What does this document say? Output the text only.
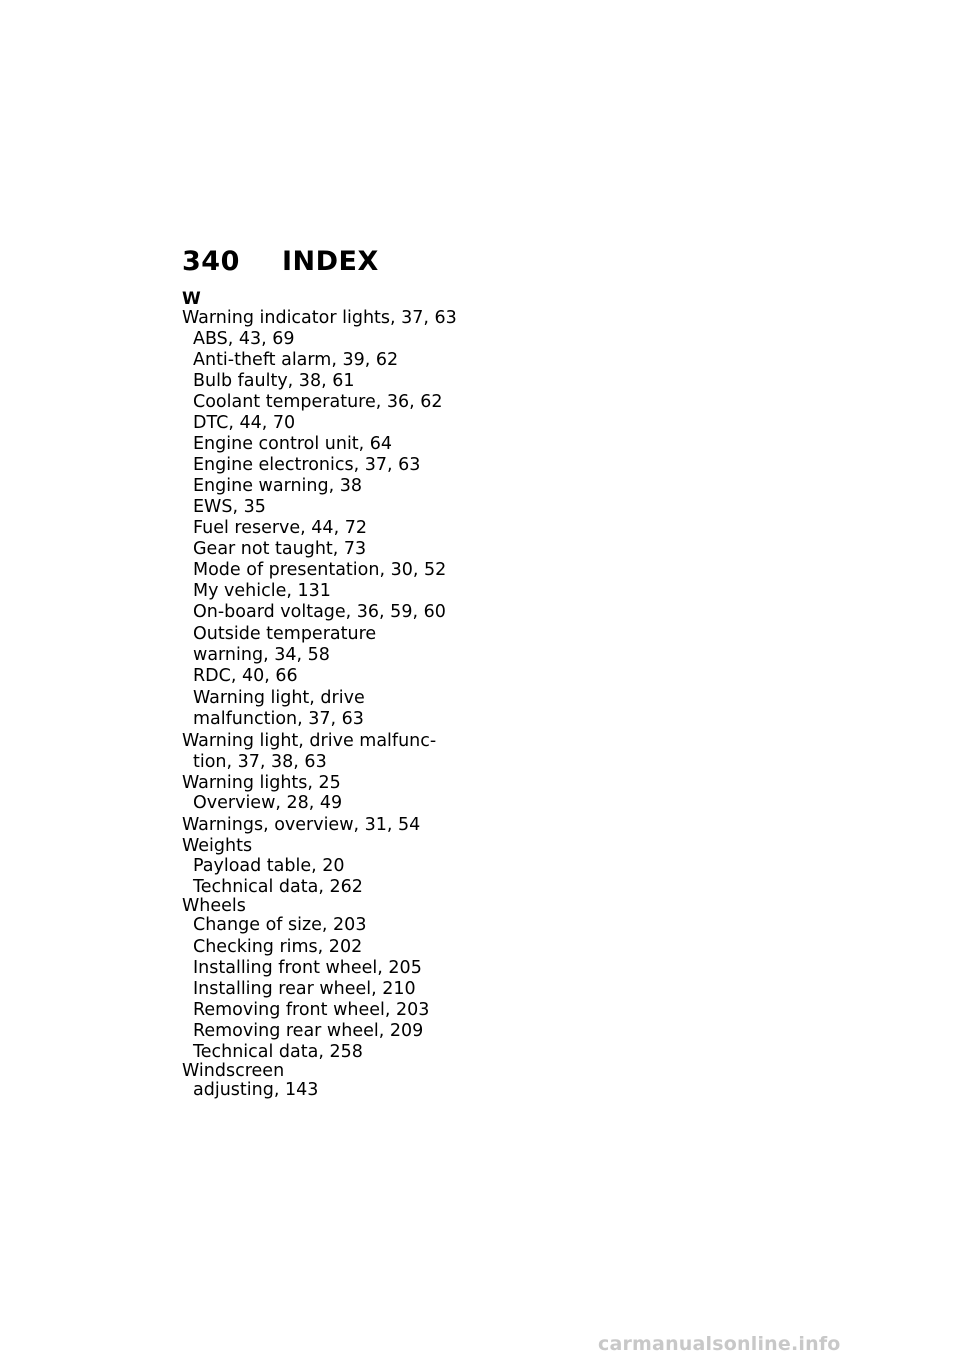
340	INDEX
W
Warning indicator lights, 37, 63
ABS, 43, 69
Anti-theft alarm, 39, 62
Bulb faulty, 38, 61
Coolant temperature, 36, 62
DTC, 44, 70
Engine control unit, 64
Engine electronics, 37, 63
Engine warning, 38
EWS, 35
Fuel reserve, 44, 72
Gear not taught, 73
Mode of presentation, 30, 52
My vehicle, 131
On-board voltage, 36, 59, 60
Outside temperature
warning, 34, 58
RDC, 40, 66
Warning light, drive
malfunction, 37, 63
Warning light, drive malfunc-
tion, 37, 38, 63
Warning lights, 25
Overview, 28, 49
Warnings, overview, 31, 54
Weights
Payload table, 20
Technical data, 262
Wheels
Change of size, 203
Checking rims, 202
Installing front wheel, 205
Installing rear wheel, 210
Removing front wheel, 203
Removing rear wheel, 209
Technical data, 258
Windscreen
adjusting, 143
carmanualsonline.info
